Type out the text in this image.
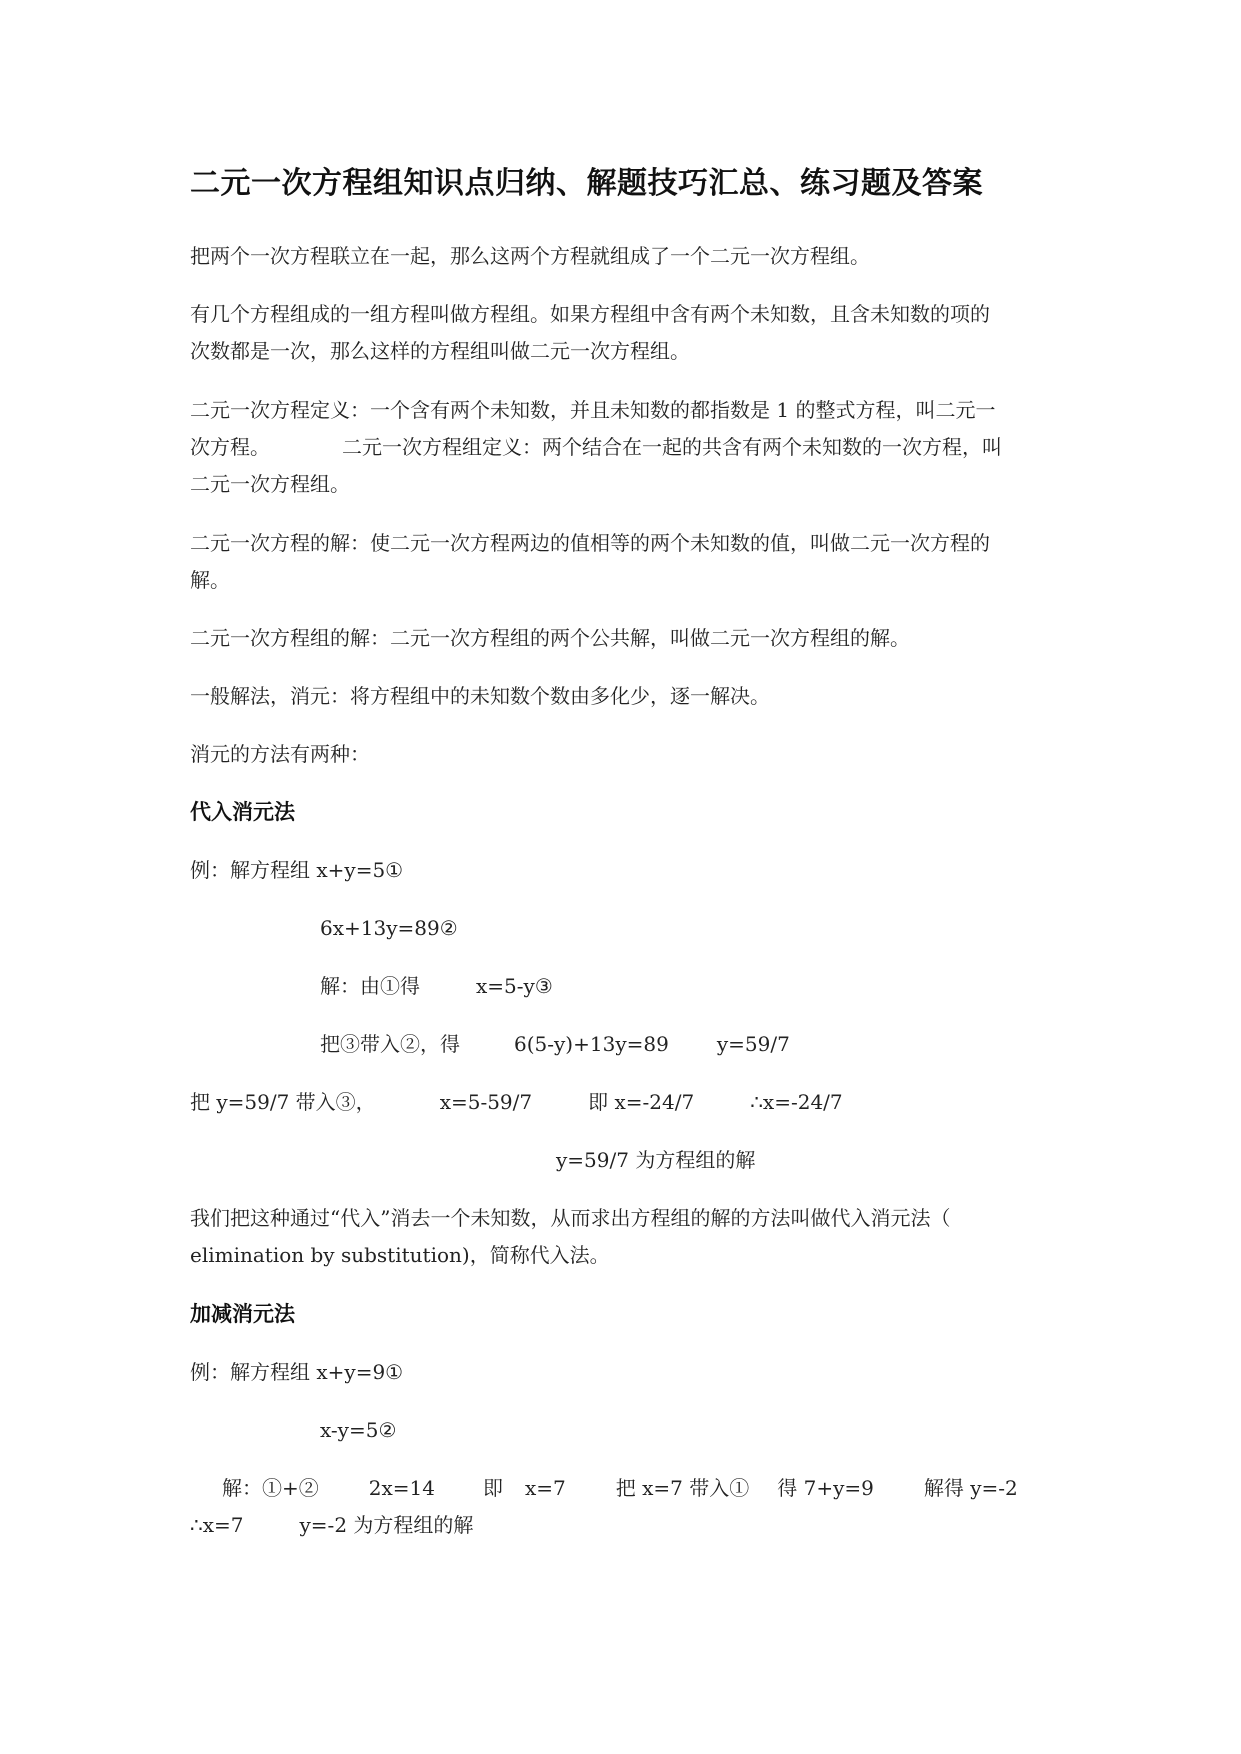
二元一次方程组知识点归纳、解题技巧汇总、练习题及答案
把两个一次方程联立在一起，那么这两个方程就组成了一个二元一次方程组。
有几个方程组成的一组方程叫做方程组。如果方程组中含有两个未知数，且含未知数的项的
次数都是一次，那么这样的方程组叫做二元一次方程组。
二元一次方程定义：一个含有两个未知数，并且未知数的都指数是 1 的整式方程，叫二元一
次方程。	二元一次方程组定义：两个结合在一起的共含有两个未知数的一次方程，叫
二元一次方程组。
二元一次方程的解：使二元一次方程两边的值相等的两个未知数的值，叫做二元一次方程的
解。
二元一次方程组的解：二元一次方程组的两个公共解，叫做二元一次方程组的解。
一般解法，消元：将方程组中的未知数个数由多化少，逐一解决。
消元的方法有两种：
代入消元法
例：解方程组 x+y=5①
6x+13y=89②
解：由①得	x=5-y③
把③带入②，得	6(5-y)+13y=89 y=59/7
把 y=59/7 带入③，	x=5-59/7	即 x=-24/7	∴x=-24/7
y=59/7 为方程组的解
我们把这种通过“代入”消去一个未知数，从而求出方程组的解的方法叫做代入消元法（
elimination by substitution)，简称代入法。
加减消元法
例：解方程组 x+y=9①
x-y=5②
解：①+②	2x=14 即 x=7	把 x=7 带入① 得 7+y=9	解得 y=-2
∴x=7	y=-2 为方程组的解
